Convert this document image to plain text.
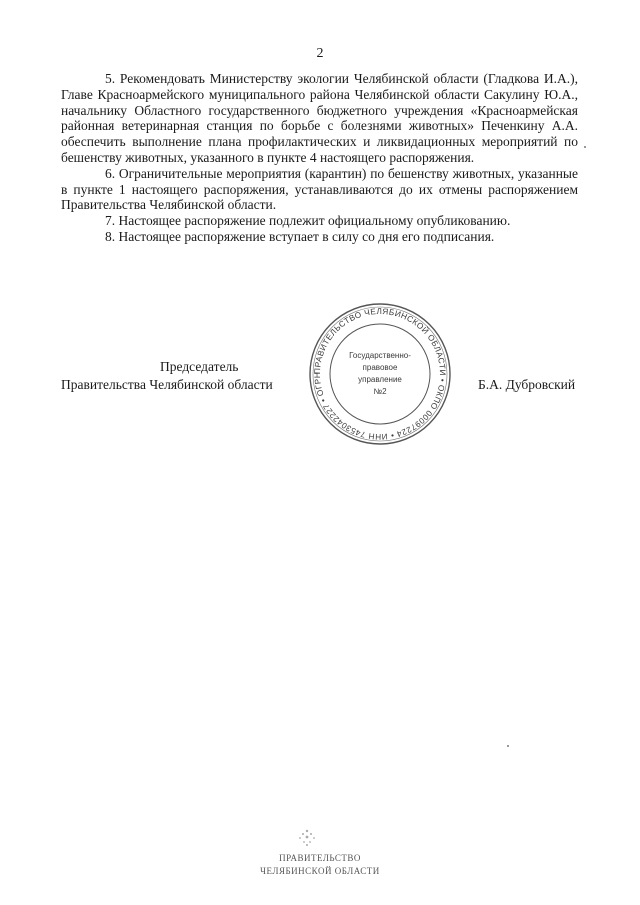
2

5. Рекомендовать Министерству экологии Челябинской области (Гладкова И.А.), Главе Красноармейского муниципального района Челябинской области Сакулину Ю.А., начальнику Областного государственного бюджетного учреждения «Красноармейская районная ветеринарная станция по борьбе с болезнями животных» Печенкину А.А. обеспечить выполнение плана профилактических и ликвидационных мероприятий по бешенству животных, указанного в пункте 4 настоящего распоряжения.

6. Ограничительные мероприятия (карантин) по бешенству животных, указанные в пункте 1 настоящего распоряжения, устанавливаются до их отмены распоряжением Правительства Челябинской области.

7. Настоящее распоряжение подлежит официальному опубликованию.

8. Настоящее распоряжение вступает в силу со дня его подписания.

Председатель
Правительства Челябинской области	Б.А. Дубровский
ПРАВИТЕЛЬСТВО ЧЕЛЯБИНСКОЙ ОБЛАСТИ • ОКПО 00097224 • ИНН 7453042227 • ОГРН
Государственно-
правовое
управление
№2
ПРАВИТЕЛЬСТВО
ЧЕЛЯБИНСКОЙ ОБЛАСТИ
